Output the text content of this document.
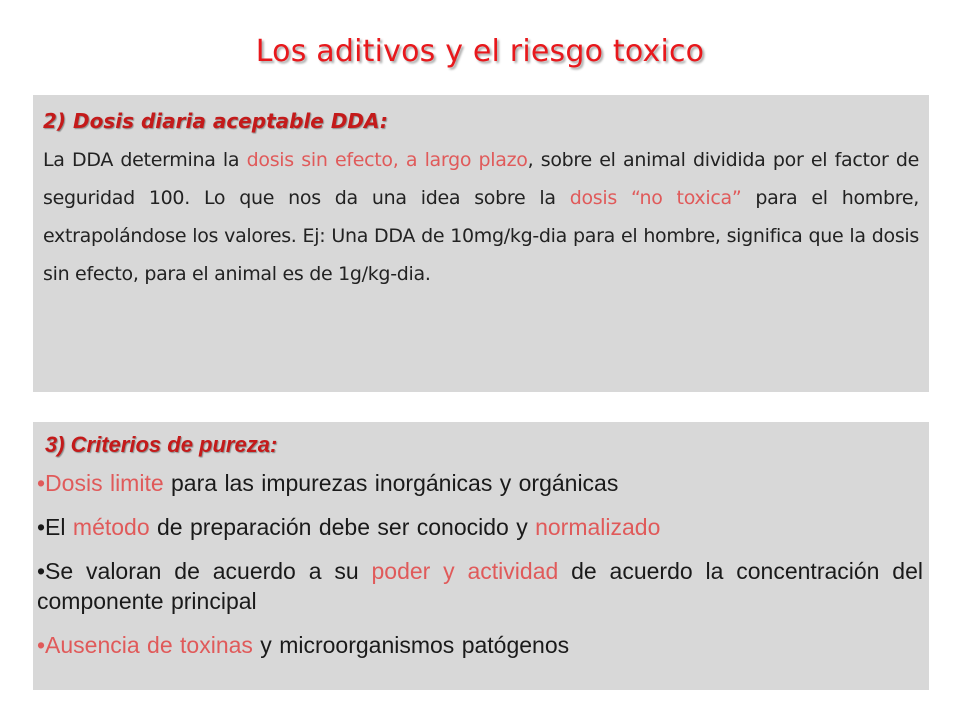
Los aditivos y el riesgo toxico
2) Dosis diaria aceptable DDA:
La DDA determina la dosis sin efecto, a largo plazo, sobre el animal dividida por el factor de seguridad 100. Lo que nos da una idea sobre la dosis “no toxica” para el hombre, extrapolándose los valores. Ej: Una DDA de 10mg/kg-dia para el hombre, significa que la dosis sin efecto, para el animal es de 1g/kg-dia.
3) Criterios de pureza:
•Dosis limite para las impurezas inorgánicas y orgánicas
•El método de preparación debe ser conocido y normalizado
•Se valoran de acuerdo a su poder y actividad de acuerdo la concentración del componente principal
•Ausencia de toxinas y microorganismos patógenos
